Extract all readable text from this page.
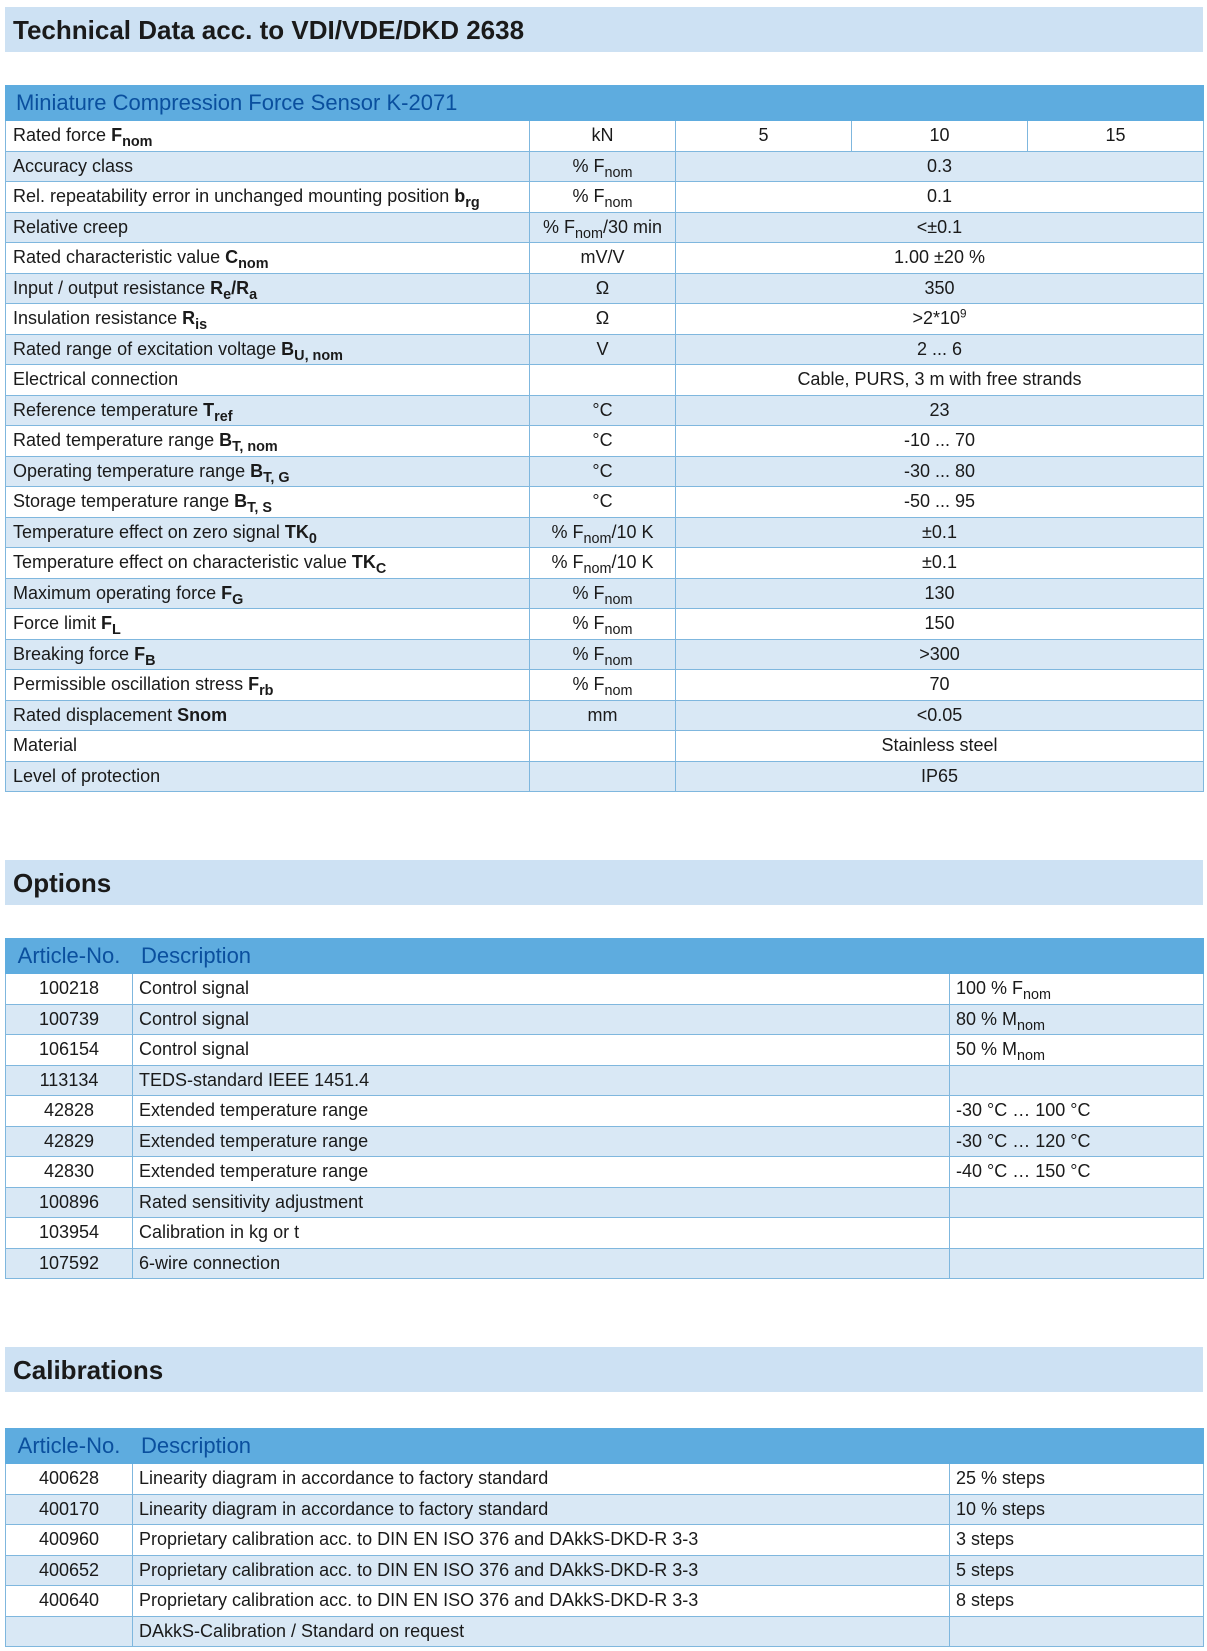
Technical Data acc. to VDI/VDE/DKD 2638
Miniature Compression Force Sensor K-2071				
Rated force $F_{nom}$	kN	5	10	15
Accuracy class	% $F_{nom}$	0.3		
Rel. repeatability error in unchanged mounting position $b_{rg}$	% $F_{nom}$	0.1		
Relative creep	% $F_{nom}/30$ min	<±0.1		
Rated characteristic value $C_{nom}$	mV/V	1.00 ±20 %		
Input / output resistance $R_e/R_a$	Ω	350		
Insulation resistance $R_{is}$	Ω	$>2*10^9$
Rated range of excitation voltage $B_{U, nom}$	V	2 ... 6		
Electrical connection		Cable, PURS, 3 m with free strands		
Reference temperature $T_{ref}$	°C	23		
Rated temperature range $B_{T, nom}$	°C	-10 ... 70		
Operating temperature range $B_{T, G}$	°C	-30 ... 80		
Storage temperature range $B_{T, S}$	°C	-50 ... 95		
Temperature effect on zero signal $TK_0$	% $F_{nom}/10$ K	±0.1		
Temperature effect on characteristic value $TK_C$	% $F_{nom}/10$ K	±0.1		
Maximum operating force $F_G$	% $F_{nom}$	130		
Force limit $F_L$	% $F_{nom}$	150		
Breaking force $F_B$	% $F_{nom}$	>300		
Permissible oscillation stress $F_{rb}$	% $F_{nom}$	70		
Rated displacement Snom	mm	<0.05		
Material		Stainless steel		
Level of protection		IP65		
Options
Article-No.	Description	
100218	Control signal	100 % $F_{nom}$
100739	Control signal	80 % $M_{nom}$
106154	Control signal	50 % $M_{nom}$
113134	TEDS-standard IEEE 1451.4	
42828	Extended temperature range	-30 °C … 100 °C
42829	Extended temperature range	-30 °C … 120 °C
42830	Extended temperature range	-40 °C … 150 °C
100896	Rated sensitivity adjustment	
103954	Calibration in kg or t	
107592	6-wire connection	
Calibrations
Article-No.	Description	
400628	Linearity diagram in accordance to factory standard	25 % steps
400170	Linearity diagram in accordance to factory standard	10 % steps
400960	Proprietary calibration acc. to DIN EN ISO 376 and DAkkS-DKD-R 3-3	3 steps
400652	Proprietary calibration acc. to DIN EN ISO 376 and DAkkS-DKD-R 3-3	5 steps
400640	Proprietary calibration acc. to DIN EN ISO 376 and DAkkS-DKD-R 3-3	8 steps
	DAkkS-Calibration / Standard on request	
